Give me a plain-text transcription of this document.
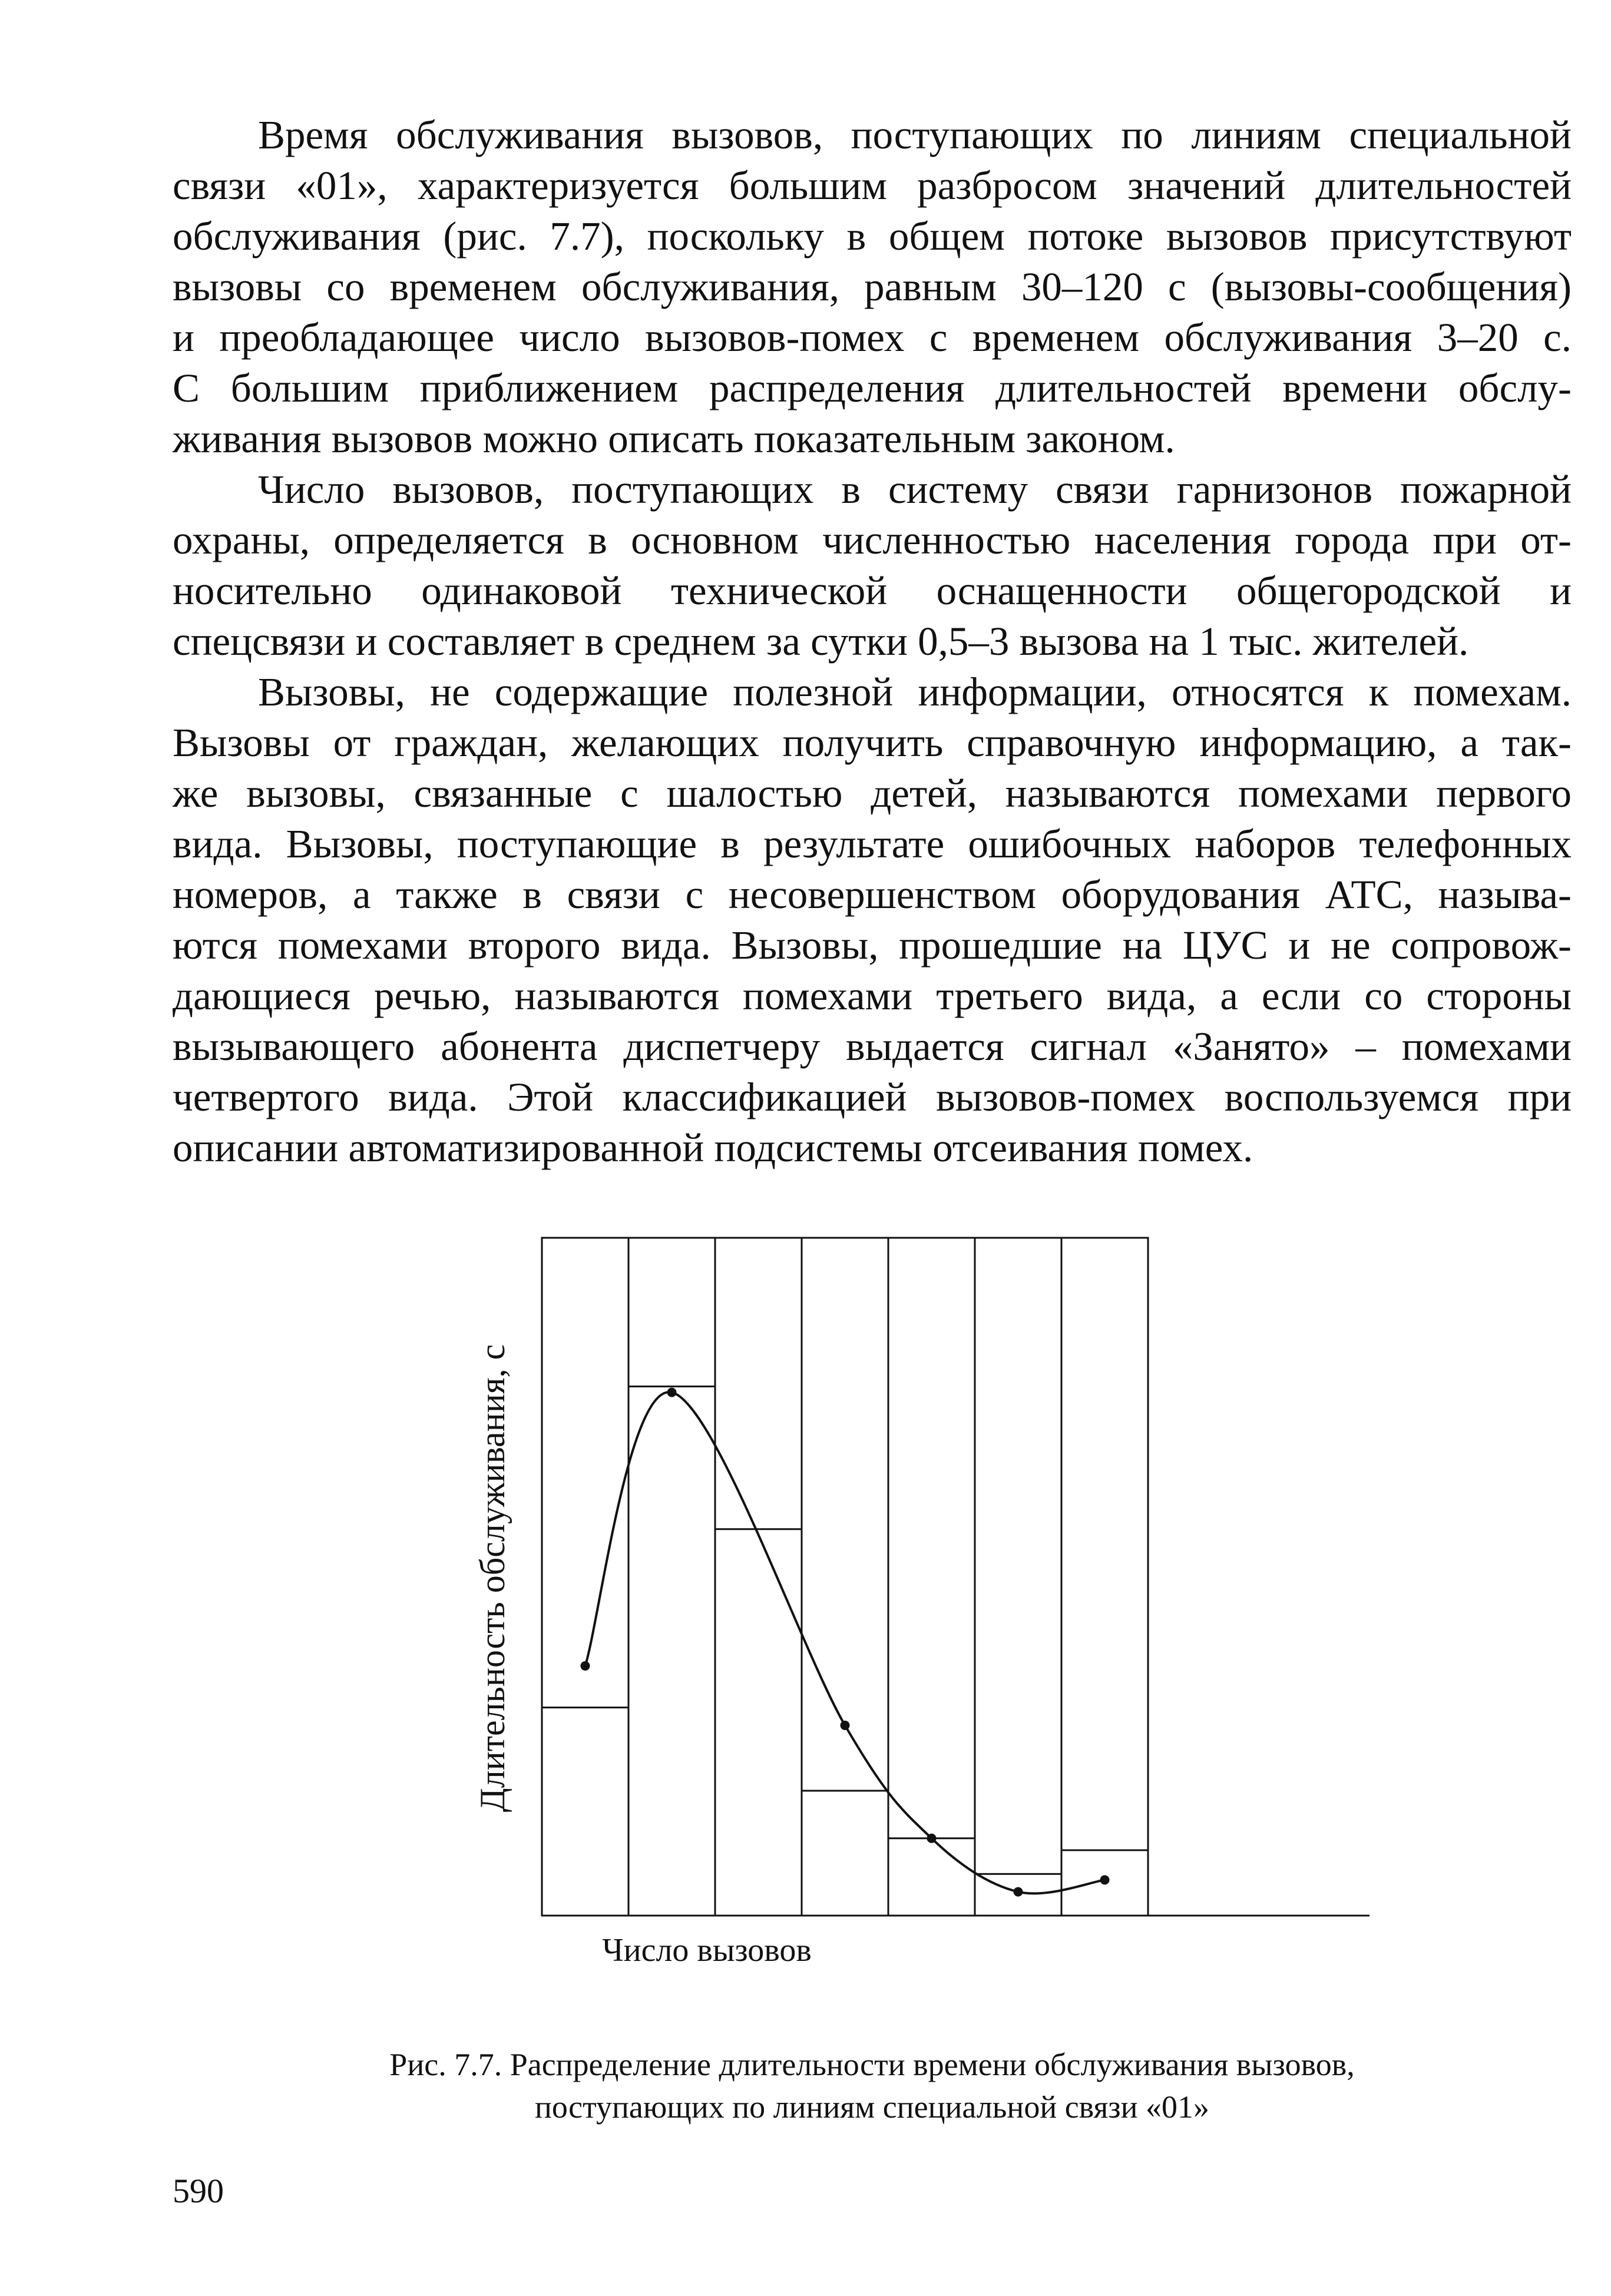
Время обслуживания вызовов, поступающих по линиям специальной
связи «01», характеризуется большим разбросом значений длительностей
обслуживания (рис. 7.7), поскольку в общем потоке вызовов присутствуют
вызовы со временем обслуживания, равным 30–120 с (вызовы-сообщения)
и преобладающее число вызовов-помех с временем обслуживания 3–20 с.
С большим приближением распределения длительностей времени обслу-
живания вызовов можно описать показательным законом.
Число вызовов, поступающих в систему связи гарнизонов пожарной
охраны, определяется в основном численностью населения города при от-
носительно одинаковой технической оснащенности общегородской и
спецсвязи и составляет в среднем за сутки 0,5–3 вызова на 1 тыс. жителей.
Вызовы, не содержащие полезной информации, относятся к помехам.
Вызовы от граждан, желающих получить справочную информацию, а так-
же вызовы, связанные с шалостью детей, называются помехами первого
вида. Вызовы, поступающие в результате ошибочных наборов телефонных
номеров, а также в связи с несовершенством оборудования АТС, называ-
ются помехами второго вида. Вызовы, прошедшие на ЦУС и не сопровож-
дающиеся речью, называются помехами третьего вида, а если со стороны
вызывающего абонента диспетчеру выдается сигнал «Занято» – помехами
четвертого вида. Этой классификацией вызовов-помех воспользуемся при
описании автоматизированной подсистемы отсеивания помех.
Длительность обслуживания, с
Число вызовов
Рис. 7.7. Распределение длительности времени обслуживания вызовов,
поступающих по линиям специальной связи «01»
590
